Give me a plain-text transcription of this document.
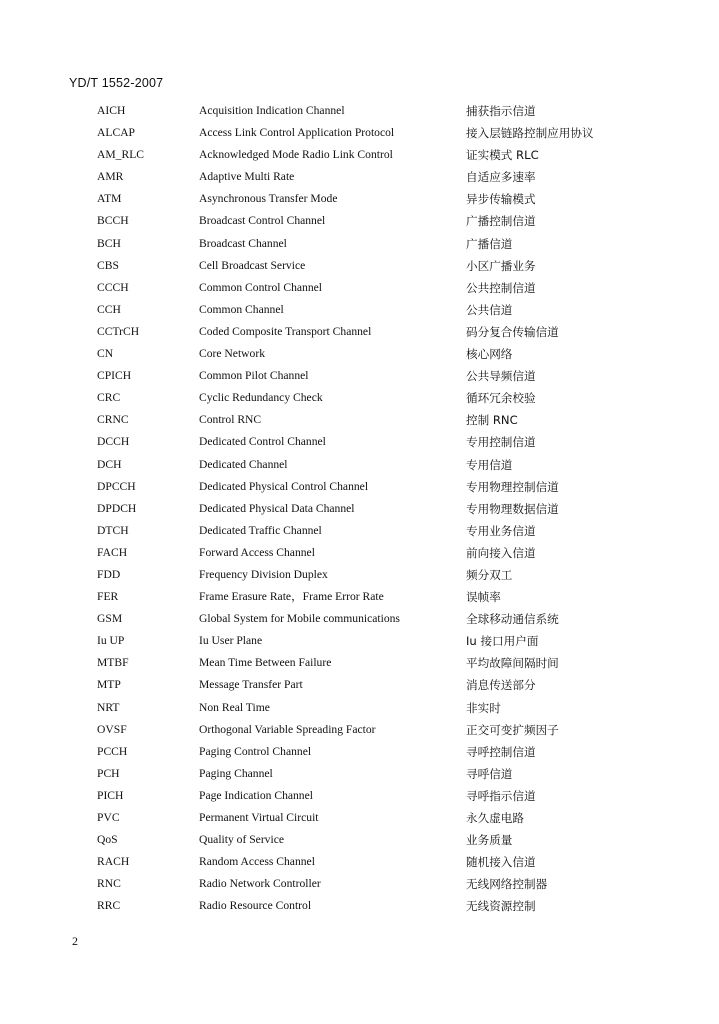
YD/T 1552-2007
AICH	Acquisition Indication Channel	捕获指示信道
ALCAP	Access Link Control Application Protocol	接入层链路控制应用协议
AM_RLC	Acknowledged Mode Radio Link Control	证实模式 RLC
AMR	Adaptive Multi Rate	自适应多速率
ATM	Asynchronous Transfer Mode	异步传输模式
BCCH	Broadcast Control Channel	广播控制信道
BCH	Broadcast Channel	广播信道
CBS	Cell Broadcast Service	小区广播业务
CCCH	Common Control Channel	公共控制信道
CCH	Common Channel	公共信道
CCTrCH	Coded Composite Transport Channel	码分复合传输信道
CN	Core Network	核心网络
CPICH	Common Pilot Channel	公共导频信道
CRC	Cyclic Redundancy Check	循环冗余校验
CRNC	Control RNC	控制 RNC
DCCH	Dedicated Control Channel	专用控制信道
DCH	Dedicated Channel	专用信道
DPCCH	Dedicated Physical Control Channel	专用物理控制信道
DPDCH	Dedicated Physical Data Channel	专用物理数据信道
DTCH	Dedicated Traffic Channel	专用业务信道
FACH	Forward Access Channel	前向接入信道
FDD	Frequency Division Duplex	频分双工
FER	Frame Erasure Rate，Frame Error Rate	误帧率
GSM	Global System for Mobile communications	全球移动通信系统
Iu UP	Iu User Plane	Iu 接口用户面
MTBF	Mean Time Between Failure	平均故障间隔时间
MTP	Message Transfer Part	消息传送部分
NRT	Non Real Time	非实时
OVSF	Orthogonal Variable Spreading Factor	正交可变扩频因子
PCCH	Paging Control Channel	寻呼控制信道
PCH	Paging Channel	寻呼信道
PICH	Page Indication Channel	寻呼指示信道
PVC	Permanent Virtual Circuit	永久虚电路
QoS	Quality of Service	业务质量
RACH	Random Access Channel	随机接入信道
RNC	Radio Network Controller	无线网络控制器
RRC	Radio Resource Control	无线资源控制
2
